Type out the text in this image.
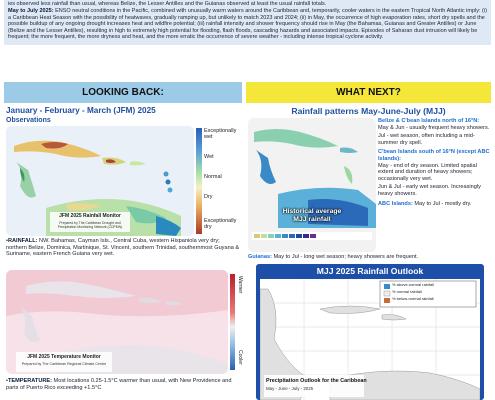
ies observed less rainfall than usual, whereas Belize, the Lesser Antilles and the Guianas observed at least the usual rainfall totals.

May to July 2025: ENSO neutral conditions in the Pacific, combined with unusually warm waters around the Caribbean and, temporarily, cooler waters in the eastern Tropical North Atlantic imply: (i) a Caribbean Heat Season with the possibility of heatwaves, gradually ramping up, but unlikely to match 2023 and 2024; (ii) in May, the occurrence of high evaporation rates, short dry spells and the possible buildup of any ongoing drought increases heat and wildfire potential; (iii) rainfall intensity and shower frequency should rise in May (the Bahamas, Guianas and Greater Antilles) or June (Belize and the Lesser Antilles), resulting in high to extremely high potential for flooding, flash floods, cascading hazards and associated impacts. Episodes of Saharan dust intrusion will likely be frequent; the more frequent, the more dryness and heat, and the more erratic the occurrence of severe weather - including intense tropical cyclone activity.

LOOKING BACK:	WHAT NEXT?
January - February - March (JFM) 2025
Observations
JFM 2025 Rainfall Monitor
Prepared by The Caribbean Drought and Precipitation Monitoring Network (CDPMN)
Exceptionally wet
Wet
Normal
Dry
Exceptionally dry
•RAINFALL: NW. Bahamas, Cayman Isls., Central Cuba, western Hispaniola very dry; northern Belize, Dominica, Martinique, St. Vincent, southern Trinidad, southernmost Guyana & Suriname, eastern French Guiana very wet.
JFM 2025 Temperature Monitor
Prepared by The Caribbean Regional Climate Centre
Warmer
Cooler
•TEMPERATURE: Most locations 0.25-1.5°C warmer than usual, with New Providence and parts of Puerto Rico exceeding +1.5°C
Rainfall patterns May-June-July (MJJ)
Historical average MJJ rainfall
Belize & C'bean Islands north of 16°N:
May & Jun - usually frequent heavy showers.
Jul - wet season, often including a mid-summer dry spell.
C'bean Islands south of 16°N (except ABC Islands):
May - end of dry season. Limited spatial extent and duration of heavy showers; occasionally very wet.
Jun & Jul - early wet season. Increasingly heavy showers.
ABC Islands: May to Jul - mostly dry.
Guianas: May to Jul - long wet season; heavy showers are frequent.
MJJ 2025 Rainfall Outlook
% above-normal rainfall
% normal rainfall
% below-normal rainfall
Precipitation Outlook for the Caribbean
May - June - July - 2025
